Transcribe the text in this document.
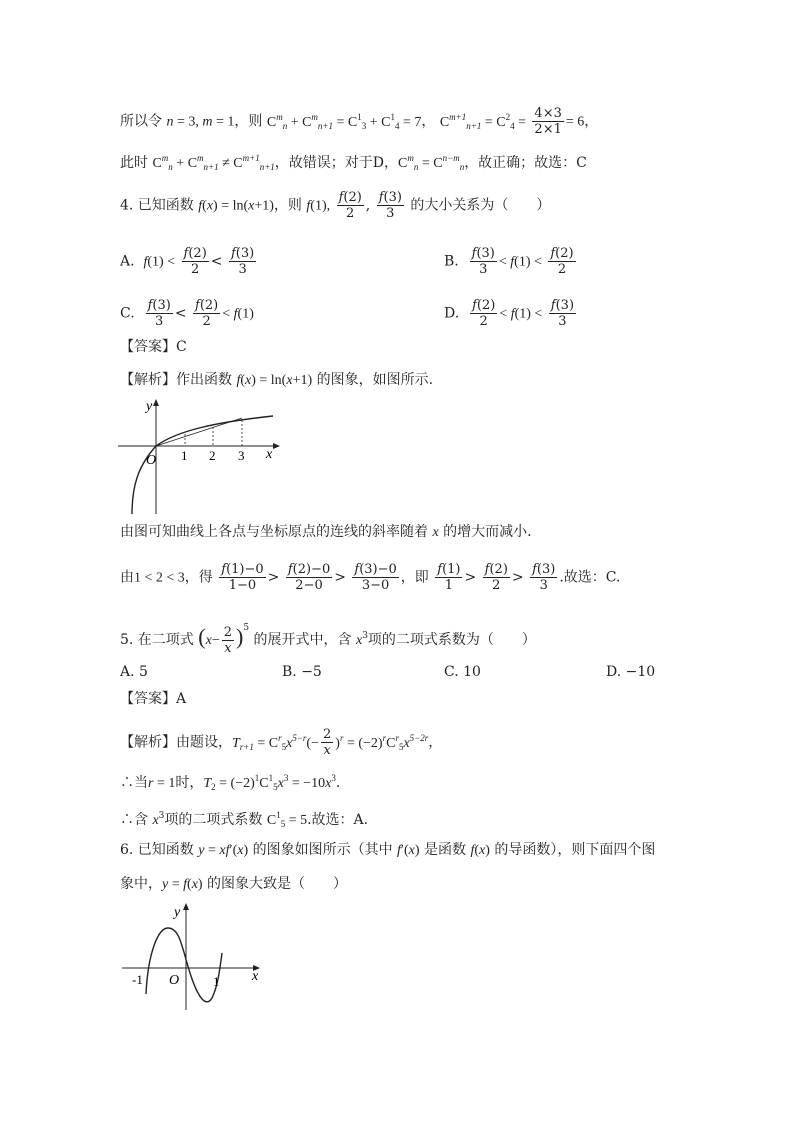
所以令 n = 3, m = 1，则 $C^m_n + C^m_{n+1} = C^1_3 + C^1_4 = 7$， $C^{m+1}_{n+1} = C^2_4 = \frac{4\times 3}{2\times 1} = 6$，
此时 $C^m_n + C^m_{n+1} \ne C^{m+1}_{n+1}$，故错误；对于D，$C^m_n = C^{n-m}_n$，故正确；故选：C
4. 已知函数 f(x) = ln(x+1)，则 f(1), $\frac{f(2)}{2}$ , $\frac{f(3)}{3}$ 的大小关系为（　　）
A.  $f(1) < \frac{f(2)}{2} < \frac{f(3)}{3}$	B. $\frac{f(3)}{3} < f(1) < \frac{f(2)}{2}$
C. $\frac{f(3)}{3} < \frac{f(2)}{2} < f(1)$	D. $\frac{f(2)}{2} < f(1) < \frac{f(3)}{3}$
【答案】C
【解析】作出函数 f(x) = ln(x+1) 的图象，如图所示.
y
x
O 1 2 3
由图可知曲线上各点与坐标原点的连线的斜率随着 x 的增大而减小.
由1 < 2 < 3，得 $\frac{f(1)-0}{1-0} > \frac{f(2)-0}{2-0} > \frac{f(3)-0}{3-0}$ ，即 $\frac{f(1)}{1} > \frac{f(2)}{2} > \frac{f(3)}{3}$ .故选：C.
5. 在二项式 $(x- \frac{2}{x} )^5$ 的展开式中，含 $x^3$项的二项式系数为（　　）
A. 5	B. −5	C. 10	D. −10
【答案】A
【解析】由题设，$T_{r+1} = C^r_5x^{5-r}(- \frac{2}{x} )^r = (-2)^rC^r_5x^{5-2r}$，
∴当r = 1时，$T_2 = (-2)^1C^1_5x^3 = -10x^3$.
∴含 $x^3$项的二项式系数 $C^1_5 = 5$.故选：A.
6. 已知函数 y = xf′(x) 的图象如图所示（其中 f′(x) 是函数 f(x) 的导函数），则下面四个图
象中，y = f(x) 的图象大致是（　　）
y
x
O
-1	1
